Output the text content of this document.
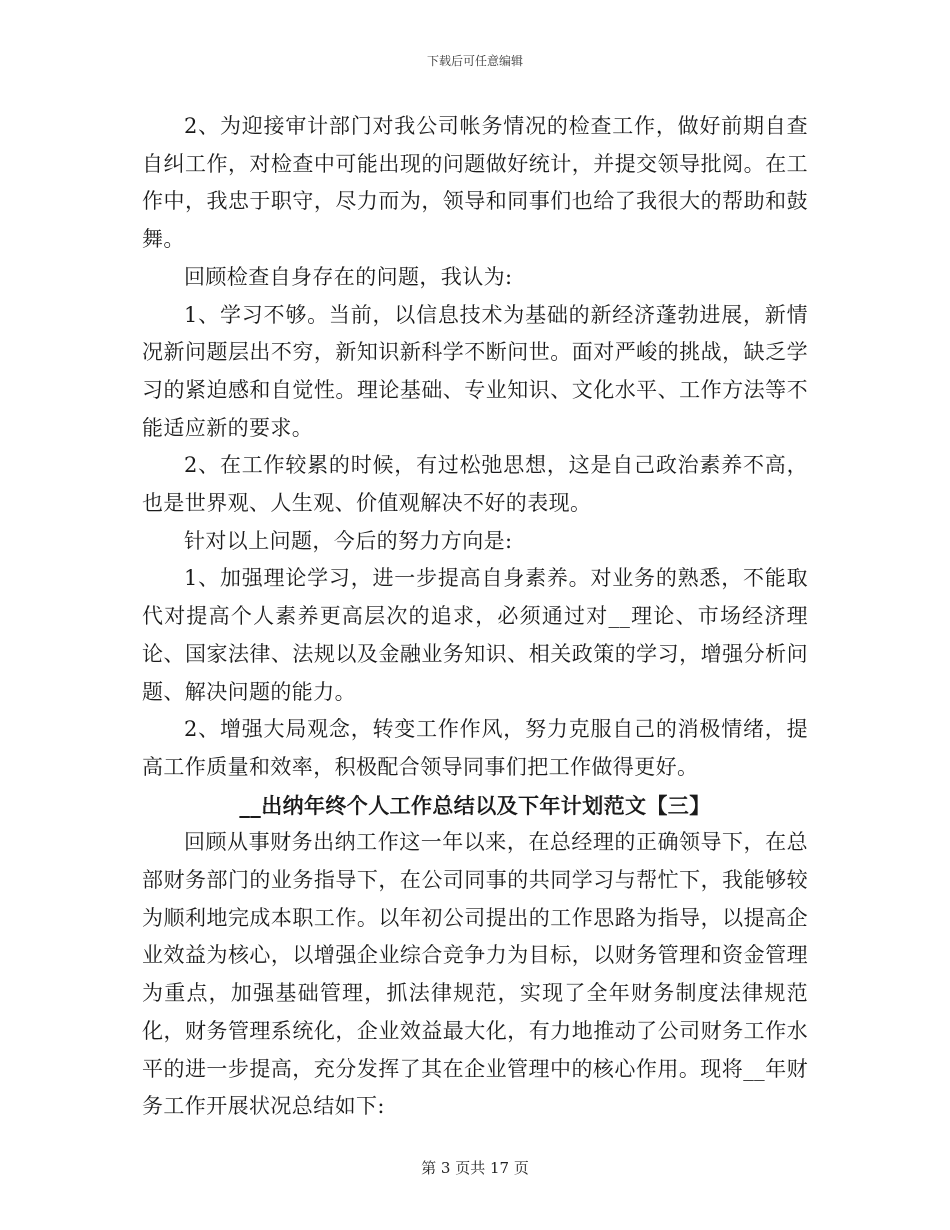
下载后可任意编辑

2、为迎接审计部门对我公司帐务情况的检查工作，做好前期自查自纠工作，对检查中可能出现的问题做好统计，并提交领导批阅。在工作中，我忠于职守，尽力而为，领导和同事们也给了我很大的帮助和鼓舞。

回顾检查自身存在的问题，我认为:

1、学习不够。当前，以信息技术为基础的新经济蓬勃进展，新情况新问题层出不穷，新知识新科学不断问世。面对严峻的挑战，缺乏学习的紧迫感和自觉性。理论基础、专业知识、文化水平、工作方法等不能适应新的要求。

2、在工作较累的时候，有过松弛思想，这是自己政治素养不高，也是世界观、人生观、价值观解决不好的表现。

针对以上问题，今后的努力方向是:

1、加强理论学习，进一步提高自身素养。对业务的熟悉，不能取代对提高个人素养更高层次的追求，必须通过对__理论、市场经济理论、国家法律、法规以及金融业务知识、相关政策的学习，增强分析问题、解决问题的能力。

2、增强大局观念，转变工作作风，努力克服自己的消极情绪，提高工作质量和效率，积极配合领导同事们把工作做得更好。

__出纳年终个人工作总结以及下年计划范文【三】

回顾从事财务出纳工作这一年以来，在总经理的正确领导下，在总部财务部门的业务指导下，在公司同事的共同学习与帮忙下，我能够较为顺利地完成本职工作。以年初公司提出的工作思路为指导，以提高企业效益为核心，以增强企业综合竞争力为目标，以财务管理和资金管理为重点，加强基础管理，抓法律规范，实现了全年财务制度法律规范化，财务管理系统化，企业效益最大化，有力地推动了公司财务工作水平的进一步提高，充分发挥了其在企业管理中的核心作用。现将__年财务工作开展状况总结如下:

第 3 页共 17 页
